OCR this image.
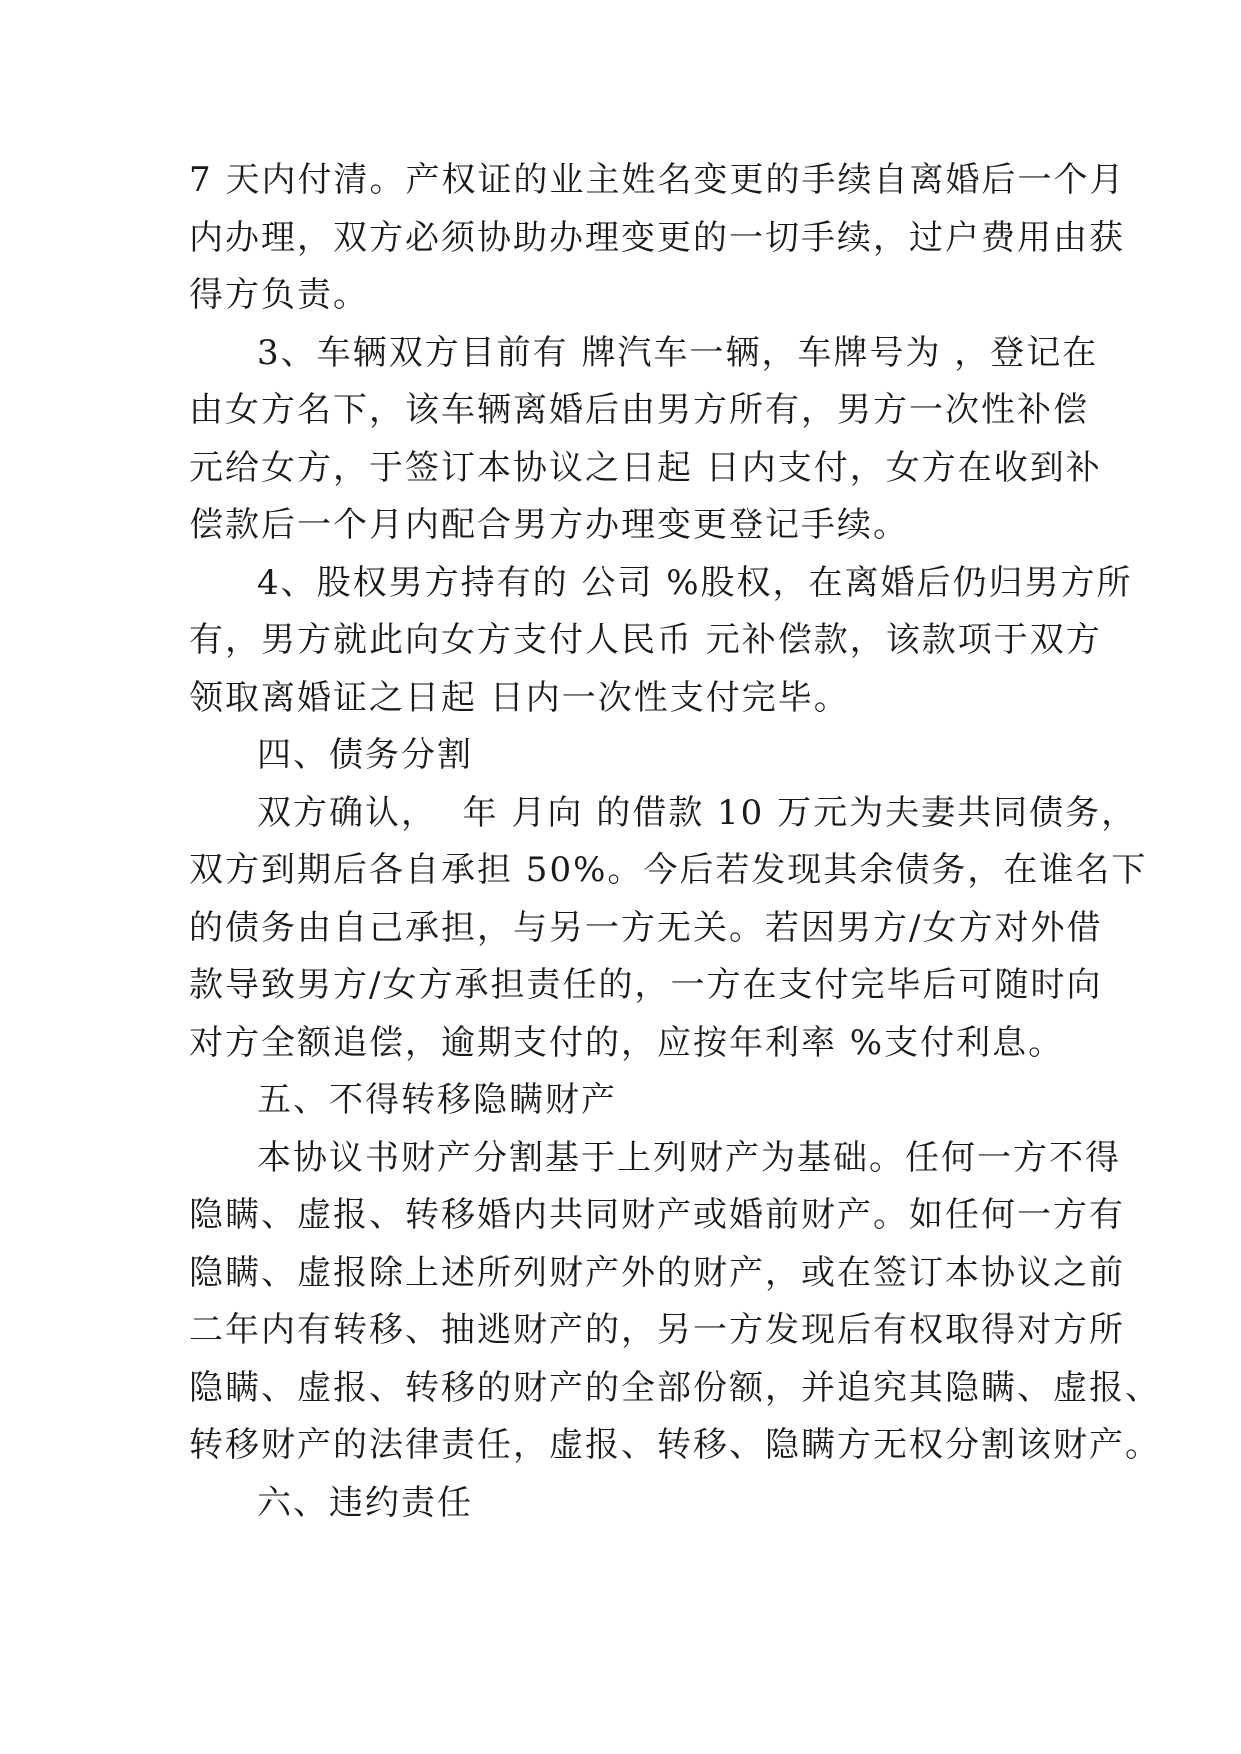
7 天内付清。产权证的业主姓名变更的手续自离婚后一个月
内办理，双方必须协助办理变更的一切手续，过户费用由获
得方负责。
3、车辆双方目前有 牌汽车一辆，车牌号为 ，登记在
由女方名下，该车辆离婚后由男方所有，男方一次性补偿
元给女方，于签订本协议之日起 日内支付，女方在收到补
偿款后一个月内配合男方办理变更登记手续。
4、股权男方持有的 公司 %股权，在离婚后仍归男方所
有，男方就此向女方支付人民币 元补偿款，该款项于双方
领取离婚证之日起 日内一次性支付完毕。
四、债务分割
双方确认，  年 月向 的借款 10 万元为夫妻共同债务，
双方到期后各自承担 50%。今后若发现其余债务，在谁名下
的债务由自己承担，与另一方无关。若因男方/女方对外借
款导致男方/女方承担责任的，一方在支付完毕后可随时向
对方全额追偿，逾期支付的，应按年利率 %支付利息。
五、不得转移隐瞒财产
本协议书财产分割基于上列财产为基础。任何一方不得
隐瞒、虚报、转移婚内共同财产或婚前财产。如任何一方有
隐瞒、虚报除上述所列财产外的财产，或在签订本协议之前
二年内有转移、抽逃财产的，另一方发现后有权取得对方所
隐瞒、虚报、转移的财产的全部份额，并追究其隐瞒、虚报、
转移财产的法律责任，虚报、转移、隐瞒方无权分割该财产。
六、违约责任
